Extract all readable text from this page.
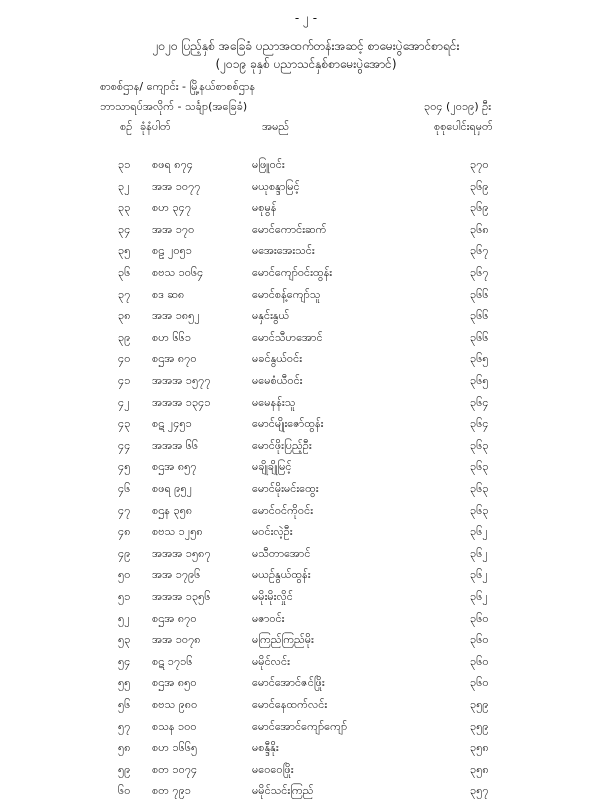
- ၂ -
၂၀၂၀ ပြည့်နှစ် အခြေခံ ပညာအထက်တန်းအဆင့် စာမေးပွဲအောင်စာရင်း
(၂၀၁၉ ခုနှစ် ပညာသင်နှစ်စာမေးပွဲအောင်)
စာစစ်ဌာန/ ကျောင်း - မြို့နယ်စာစစ်ဌာန
ဘာသာရပ်အလိုက် - သင်္ချာ(အခြေခံ)	၃၀၄ (၂၀၁၉) ဦး
စဉ် ခုံနံပါတ်	အမည်	စုစုပေါင်းရမှတ်
၃၁ စဖရ ၈၇၄	မဖြူဝင်း	၃၇၀
၃၂ အအ ၁၀၇၇	မယုစန္ဒာမြင့်	၃၆၉
၃၃ စဟ ၃၄၇	မစုမွန်	၃၆၉
၃၄ အအ ၁၇၀	မောင်ကောင်းဆက်	၃၆၈
၃၅ စဠ ၂၀၅၁	မအေးအေးသင်း	၃၆၇
၃၆ စဗသ ၁၀၆၄	မောင်ကျော်ဝင်းထွန်း	၃၆၇
၃၇ စဒ ဆ၈	မောင်စန့်ကျော်သူ	၃၆၆
၃၈ အအ ၁၈၅၂	မနှင်းနွယ်	၃၆၆
၃၉ စဟ ၆၆၁	မောင်သီဟအောင်	၃၆၆
၄၀ စဌအ ၈၇၀	မခင်နွယ်ဝင်း	၃၆၅
၄၁ အအအ ၁၅၇၇	မမေစံယီဝင်း	၃၆၅
၄၂ အအအ ၁၃၄၁	မမေနန်းသူ	၃၆၄
၄၃ စဋ ၂၄၅၁	မောင်မျိုးဇော်ထွန်း	၃၆၄
၄၄ အအအ ၆၆	မောင်ဖိုးပြည့်ဦး	၃၆၃
၄၅ စဌအ ၈၅၇	မချိုချိုမြင့်	၃၆၃
၄၆ စဖရ ၉၅၂	မောင်မိုးမင်းထွေး	၃၆၃
၄၇ စဌန ၃၅၈	မောင်ဝင်ကိုဝင်း	၃၆၃
၄၈ စဗသ ၁၂၅၈	မဝင်းလဲ့ဦး	၃၆၂
၄၉ အအအ ၁၅၈၇	မသီတာအောင်	၃၆၂
၅၀ အအ ၁၇၉၆	မယဉ်နွယ်ထွန်း	၃၆၂
၅၁ အအအ ၁၃၅၆	မမိုးမိုးလှိုင်	၃၆၂
၅၂ စဌအ ၈၇၀	မဇာဝင်း	၃၆၀
၅၃ အအ ၁၀၇၈	မကြည်ကြည်မိုး	၃၆၀
၅၄ စဋ ၁၇၁၆	မမိုင်လင်း	၃၆၀
၅၅ စဌအ ၈၅၀	မောင်အောင်ဇင်ဖြိုး	၃၆၀
၅၆ စဗသ ၉၈၀	မောင်နေထက်လင်း	၃၅၉
၅၇ စသန ၁၀၀	မောင်အောင်ကျော်ကျော်	၃၅၉
၅၈ စဟ ၁၆၆၅	မစန္ဒီနိုး	၃၅၈
၅၉ စတ ၁၀၇၄	မဝေဝေဖြိုး	၃၅၈
၆၀ စတ ၇၉၁	မမိုင်သင်းကြည်	၃၅၇
